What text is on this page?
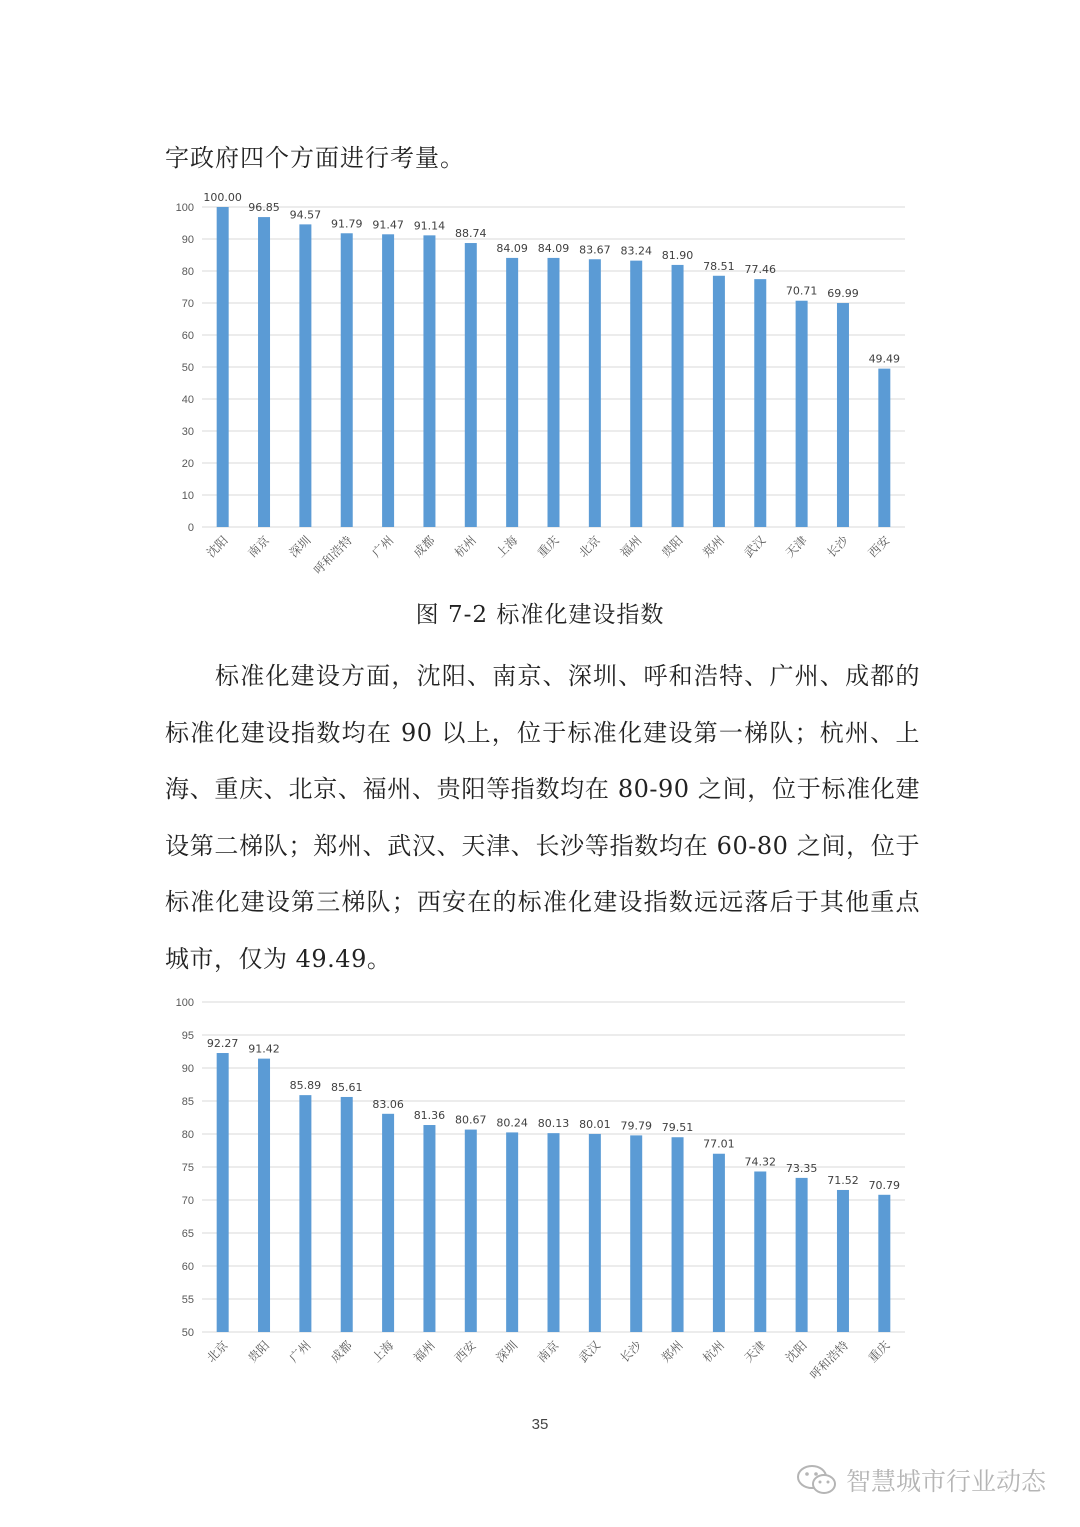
字政府四个方面进行考量。
0
10
20
30
40
50
60
70
80
90
100
100.00
沈阳
96.85
南京
94.57
深圳
91.79
呼和浩特
91.47
广州
91.14
成都
88.74
杭州
84.09
上海
84.09
重庆
83.67
北京
83.24
福州
81.90
贵阳
78.51
郑州
77.46
武汉
70.71
天津
69.99
长沙
49.49
西安
图 7-2 标准化建设指数

标准化建设方面，沈阳、南京、深圳、呼和浩特、广州、成都的标准化建设指数均在 90 以上，位于标准化建设第一梯队；杭州、上海、重庆、北京、福州、贵阳等指数均在 80-90 之间，位于标准化建设第二梯队；郑州、武汉、天津、长沙等指数均在 60-80 之间，位于标准化建设第三梯队；西安在的标准化建设指数远远落后于其他重点城市，仅为 49.49。

50
55
60
65
70
75
80
85
90
95
100
92.27
北京
91.42
贵阳
85.89
广州
85.61
成都
83.06
上海
81.36
福州
80.67
西安
80.24
深圳
80.13
南京
80.01
武汉
79.79
长沙
79.51
郑州
77.01
杭州
74.32
天津
73.35
沈阳
71.52
呼和浩特
70.79
重庆
35
智慧城市行业动态
